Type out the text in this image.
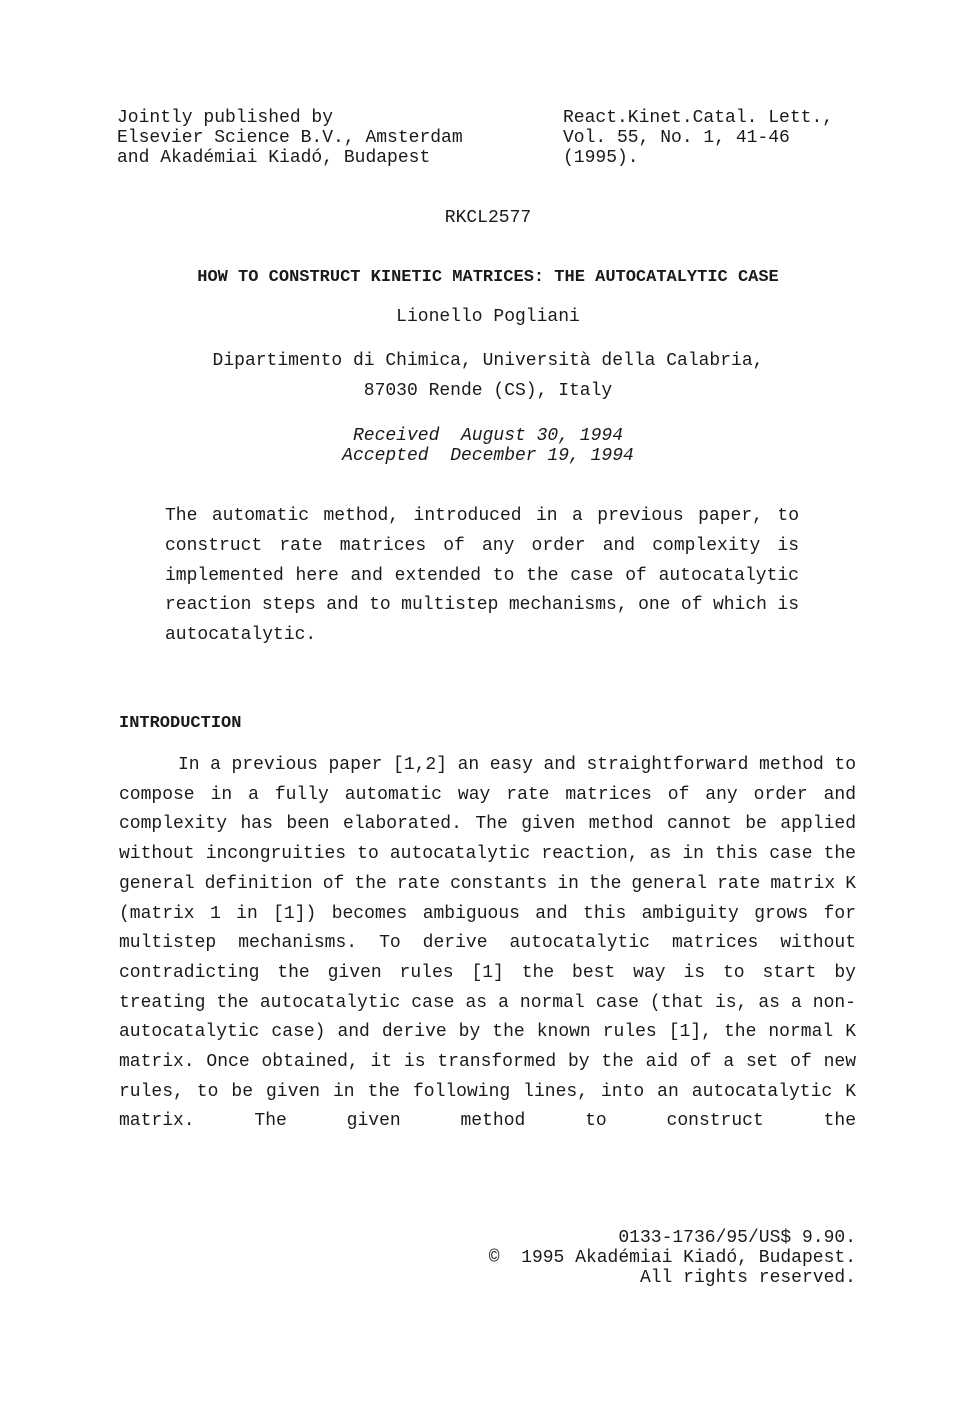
Jointly published by
Elsevier Science B.V., Amsterdam
and Akadémiai Kiadó, Budapest
React.Kinet.Catal. Lett.,
Vol. 55, No. 1, 41-46
(1995).
RKCL2577
HOW TO CONSTRUCT KINETIC MATRICES: THE AUTOCATALYTIC CASE
Lionello Pogliani
Dipartimento di Chimica, Università della Calabria,
87030 Rende (CS), Italy
Received  August 30, 1994
Accepted  December 19, 1994
The automatic method, introduced in a previous paper, to construct rate matrices of any order and complexity is implemented here and extended to the case of autocatalytic reaction steps and to multistep mechanisms, one of which is autocatalytic.
INTRODUCTION
In a previous paper [1,2] an easy and straightforward method to compose in a fully automatic way rate matrices of any order and complexity has been elaborated. The given method cannot be applied without incongruities to autocatalytic reaction, as in this case the general definition of the rate constants in the general rate matrix K (matrix 1 in [1]) becomes ambiguous and this ambiguity grows for multistep mechanisms. To derive autocatalytic matrices without contradicting the given rules [1] the best way is to start by treating the autocatalytic case as a normal case (that is, as a non-autocatalytic case) and derive by the known rules [1], the normal K matrix. Once obtained, it is transformed by the aid of a set of new rules, to be given in the following lines, into an autocatalytic K matrix. The given method to construct the
0133-1736/95/US$ 9.90.
©  1995 Akadémiai Kiadó, Budapest.
All rights reserved.
